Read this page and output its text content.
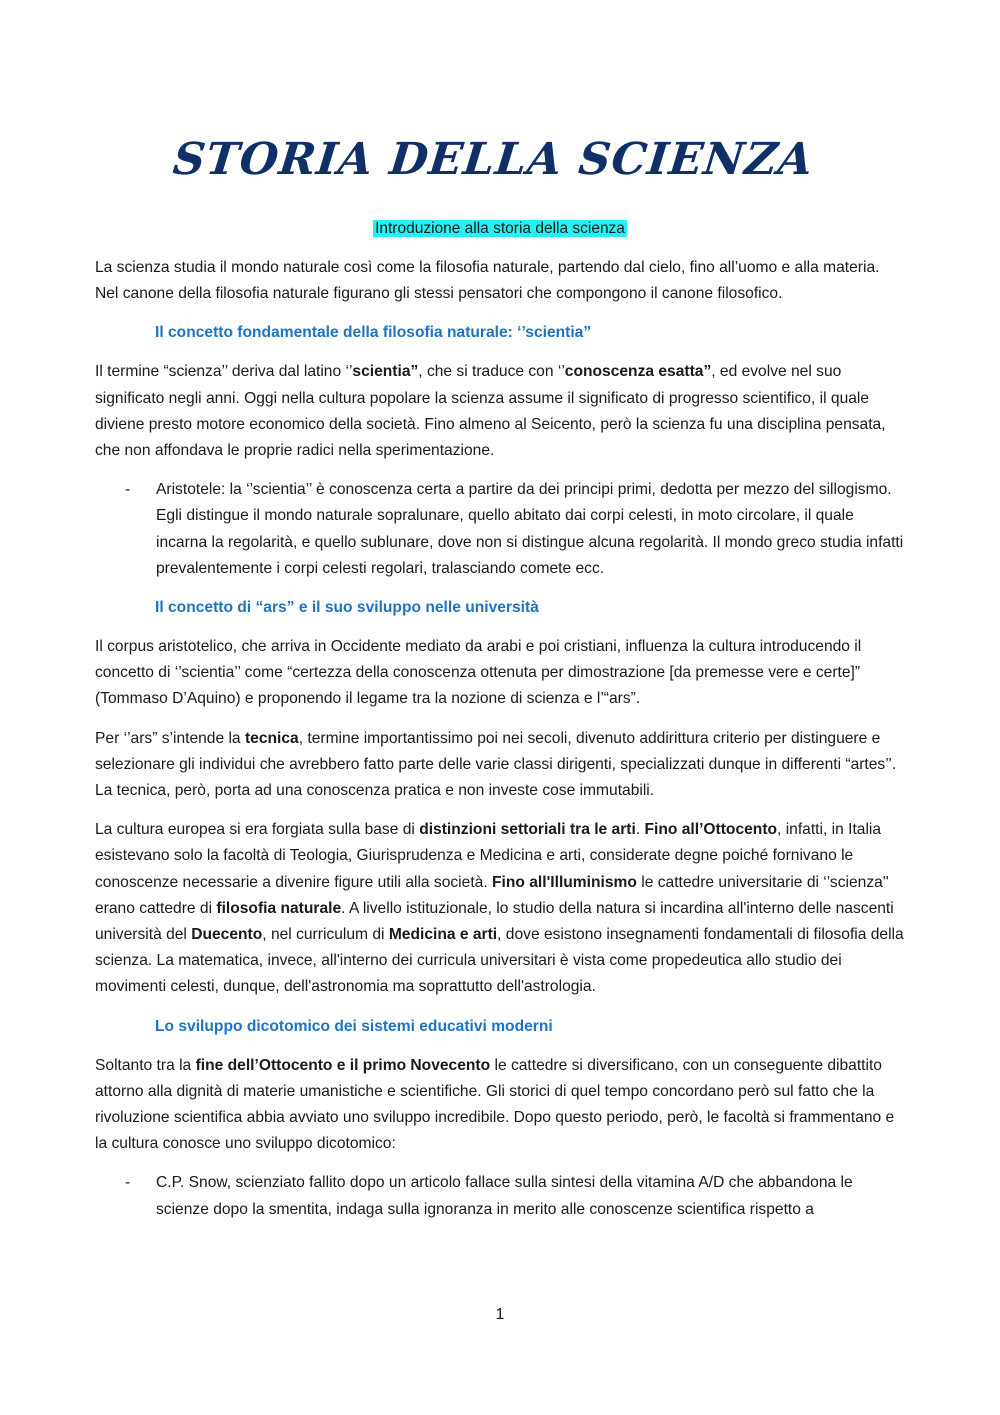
STORIA DELLA SCIENZA
Introduzione alla storia della scienza

La scienza studia il mondo naturale così come la filosofia naturale, partendo dal cielo, fino all’uomo e alla materia. Nel canone della filosofia naturale figurano gli stessi pensatori che compongono il canone filosofico.

Il concetto fondamentale della filosofia naturale: ‘’scientia”

Il termine “scienza’’ deriva dal latino ‘’scientia”, che si traduce con ‘’conoscenza esatta”, ed evolve nel suo significato negli anni. Oggi nella cultura popolare la scienza assume il significato di progresso scientifico, il quale diviene presto motore economico della società. Fino almeno al Seicento, però la scienza fu una disciplina pensata, che non affondava le proprie radici nella sperimentazione.

- Aristotele: la ‘’scientia’’ è conoscenza certa a partire da dei principi primi, dedotta per mezzo del sillogismo. Egli distingue il mondo naturale sopralunare, quello abitato dai corpi celesti, in moto circolare, il quale incarna la regolarità, e quello sublunare, dove non si distingue alcuna regolarità. Il mondo greco studia infatti prevalentemente i corpi celesti regolari, tralasciando comete ecc.
Il concetto di “ars” e il suo sviluppo nelle università

Il corpus aristotelico, che arriva in Occidente mediato da arabi e poi cristiani, influenza la cultura introducendo il concetto di ‘’scientia’’ come “certezza della conoscenza ottenuta per dimostrazione [da premesse vere e certe]” (Tommaso D’Aquino) e proponendo il legame tra la nozione di scienza e l’“ars”.

Per ‘’ars” s’intende la tecnica, termine importantissimo poi nei secoli, divenuto addirittura criterio per distinguere e selezionare gli individui che avrebbero fatto parte delle varie classi dirigenti, specializzati dunque in differenti “artes’’. La tecnica, però, porta ad una conoscenza pratica e non investe cose immutabili.

La cultura europea si era forgiata sulla base di distinzioni settoriali tra le arti. Fino all’Ottocento, infatti, in Italia esistevano solo la facoltà di Teologia, Giurisprudenza e Medicina e arti, considerate degne poiché fornivano le conoscenze necessarie a divenire figure utili alla società. Fino all'Illuminismo le cattedre universitarie di ‘’scienza'' erano cattedre di filosofia naturale. A livello istituzionale, lo studio della natura si incardina all'interno delle nascenti università del Duecento, nel curriculum di Medicina e arti, dove esistono insegnamenti fondamentali di filosofia della scienza. La matematica, invece, all'interno dei curricula universitari è vista come propedeutica allo studio dei movimenti celesti, dunque, dell'astronomia ma soprattutto dell'astrologia.

Lo sviluppo dicotomico dei sistemi educativi moderni

Soltanto tra la fine dell’Ottocento e il primo Novecento le cattedre si diversificano, con un conseguente dibattito attorno alla dignità di materie umanistiche e scientifiche. Gli storici di quel tempo concordano però sul fatto che la rivoluzione scientifica abbia avviato uno sviluppo incredibile. Dopo questo periodo, però, le facoltà si frammentano e la cultura conosce uno sviluppo dicotomico:

- C.P. Snow, scienziato fallito dopo un articolo fallace sulla sintesi della vitamina A/D che abbandona le scienze dopo la smentita, indaga sulla ignoranza in merito alle conoscenze scientifica rispetto a
1
